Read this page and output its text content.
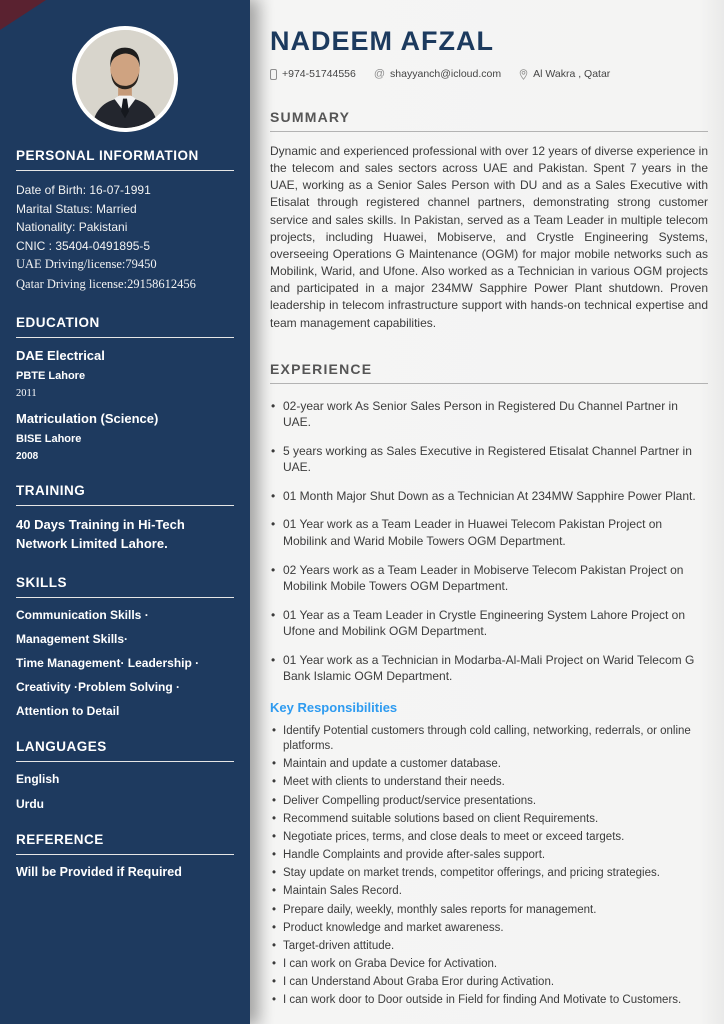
PERSONAL INFORMATION
Date of Birth: 16-07-1991
Marital Status: Married
Nationality: Pakistani
CNIC : 35404-0491895-5
UAE Driving/license:79450
Qatar Driving license:29158612456
EDUCATION
DAE Electrical
PBTE Lahore
2011
Matriculation (Science)
BISE Lahore
2008
TRAINING
40 Days Training in Hi-Tech Network Limited Lahore.
SKILLS
Communication Skills ·
Management Skills·
Time Management· Leadership ·
Creativity ·Problem Solving ·
Attention to Detail
LANGUAGES
English
Urdu
REFERENCE
Will be Provided if Required
NADEEM AFZAL
+974-51744556 @ shayyanch@icloud.com	Al Wakra , Qatar
SUMMARY

Dynamic and experienced professional with over 12 years of diverse experience in the telecom and sales sectors across UAE and Pakistan. Spent 7 years in the UAE, working as a Senior Sales Person with DU and as a Sales Executive with Etisalat through registered channel partners, demonstrating strong customer service and sales skills. In Pakistan, served as a Team Leader in multiple telecom projects, including Huawei, Mobiserve, and Crystle Engineering Systems, overseeing Operations G Maintenance (OGM) for major mobile networks such as Mobilink, Warid, and Ufone. Also worked as a Technician in various OGM projects and participated in a major 234MW Sapphire Power Plant shutdown. Proven leadership in telecom infrastructure support with hands-on technical expertise and team management capabilities.

EXPERIENCE
• 02-year work As Senior Sales Person in Registered Du Channel Partner in UAE.
• 5 years working as Sales Executive in Registered Etisalat Channel Partner in UAE.
• 01 Month Major Shut Down as a Technician At 234MW Sapphire Power Plant.
• 01 Year work as a Team Leader in Huawei Telecom Pakistan Project on Mobilink and Warid Mobile Towers OGM Department.
• 02 Years work as a Team Leader in Mobiserve Telecom Pakistan Project on Mobilink Mobile Towers OGM Department.
• 01 Year as a Team Leader in Crystle Engineering System Lahore Project on Ufone and Mobilink OGM Department.
• 01 Year work as a Technician in Modarba-Al-Mali Project on Warid Telecom G Bank Islamic OGM Department.
Key Responsibilities
• Identify Potential customers through cold calling, networking, rederrals, or online platforms.
• Maintain and update a customer database.
• Meet with clients to understand their needs.
• Deliver Compelling product/service presentations.
• Recommend suitable solutions based on client Requirements.
• Negotiate prices, terms, and close deals to meet or exceed targets.
• Handle Complaints and provide after-sales support.
• Stay update on market trends, competitor offerings, and pricing strategies.
• Maintain Sales Record.
• Prepare daily, weekly, monthly sales reports for management.
• Product knowledge and market awareness.
• Target-driven attitude.
• I can work on Graba Device for Activation.
• I can Understand About Graba Eror during Activation.
• I can work door to Door outside in Field for finding And Motivate to Customers.
